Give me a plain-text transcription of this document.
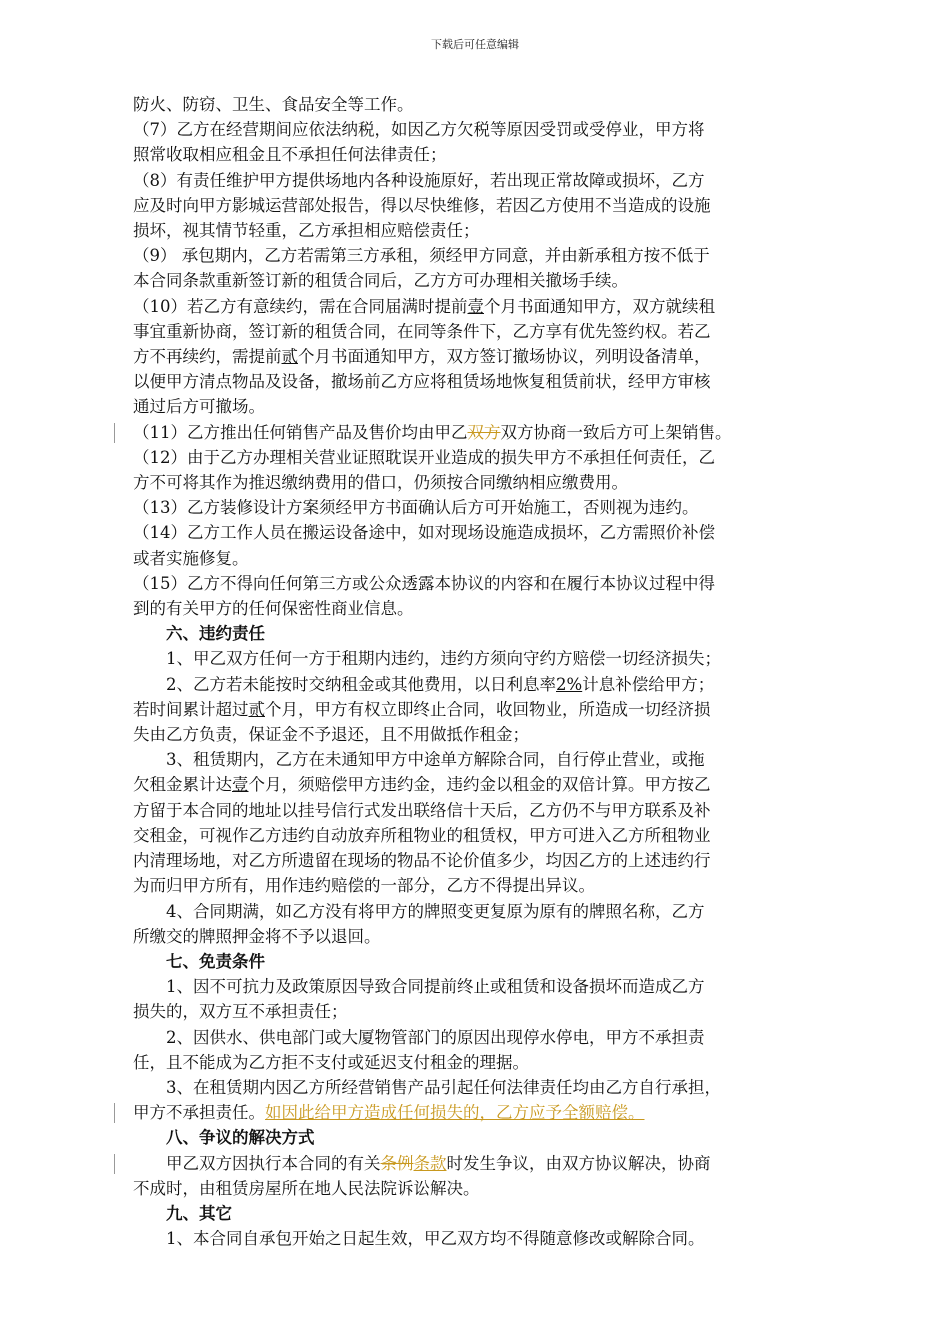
下载后可任意编辑

防火、防窃、卫生、食品安全等工作。

（7）乙方在经营期间应依法纳税，如因乙方欠税等原因受罚或受停业，甲方将

照常收取相应租金且不承担任何法律责任；

（8）有责任维护甲方提供场地内各种设施原好，若出现正常故障或损坏，乙方

应及时向甲方影城运营部处报告，得以尽快维修，若因乙方使用不当造成的设施

损坏，视其情节轻重，乙方承担相应赔偿责任；

（9） 承包期内，乙方若需第三方承租，须经甲方同意，并由新承租方按不低于

本合同条款重新签订新的租赁合同后，乙方方可办理相关撤场手续。

（10）若乙方有意续约，需在合同届满时提前壹个月书面通知甲方，双方就续租

事宜重新协商，签订新的租赁合同，在同等条件下，乙方享有优先签约权。若乙

方不再续约，需提前贰个月书面通知甲方，双方签订撤场协议，列明设备清单，

以便甲方清点物品及设备，撤场前乙方应将租赁场地恢复租赁前状，经甲方审核

通过后方可撤场。

（11）乙方推出任何销售产品及售价均由甲乙双方双方协商一致后方可上架销售。

（12）由于乙方办理相关营业证照耽误开业造成的损失甲方不承担任何责任，乙

方不可将其作为推迟缴纳费用的借口，仍须按合同缴纳相应缴费用。

（13）乙方装修设计方案须经甲方书面确认后方可开始施工，否则视为违约。

（14）乙方工作人员在搬运设备途中，如对现场设施造成损坏，乙方需照价补偿

或者实施修复。

（15）乙方不得向任何第三方或公众透露本协议的内容和在履行本协议过程中得

到的有关甲方的任何保密性商业信息。

六、违约责任

1、甲乙双方任何一方于租期内违约，违约方须向守约方赔偿一切经济损失；

2、乙方若未能按时交纳租金或其他费用，以日利息率2%计息补偿给甲方；

若时间累计超过贰个月，甲方有权立即终止合同，收回物业，所造成一切经济损

失由乙方负责，保证金不予退还，且不用做抵作租金；

3、租赁期内，乙方在未通知甲方中途单方解除合同，自行停止营业，或拖

欠租金累计达壹个月，须赔偿甲方违约金，违约金以租金的双倍计算。甲方按乙

方留于本合同的地址以挂号信行式发出联络信十天后，乙方仍不与甲方联系及补

交租金，可视作乙方违约自动放弃所租物业的租赁权，甲方可进入乙方所租物业

内清理场地，对乙方所遗留在现场的物品不论价值多少，均因乙方的上述违约行

为而归甲方所有，用作违约赔偿的一部分，乙方不得提出异议。

4、合同期满，如乙方没有将甲方的牌照变更复原为原有的牌照名称，乙方

所缴交的牌照押金将不予以退回。

七、免责条件

1、因不可抗力及政策原因导致合同提前终止或租赁和设备损坏而造成乙方

损失的，双方互不承担责任；

2、因供水、供电部门或大厦物管部门的原因出现停水停电，甲方不承担责

任，且不能成为乙方拒不支付或延迟支付租金的理据。

3、在租赁期内因乙方所经营销售产品引起任何法律责任均由乙方自行承担，

甲方不承担责任。如因此给甲方造成任何损失的，乙方应予全额赔偿。

八、争议的解决方式

甲乙双方因执行本合同的有关条例条款时发生争议，由双方协议解决，协商

不成时，由租赁房屋所在地人民法院诉讼解决。

九、其它

1、本合同自承包开始之日起生效，甲乙双方均不得随意修改或解除合同。
